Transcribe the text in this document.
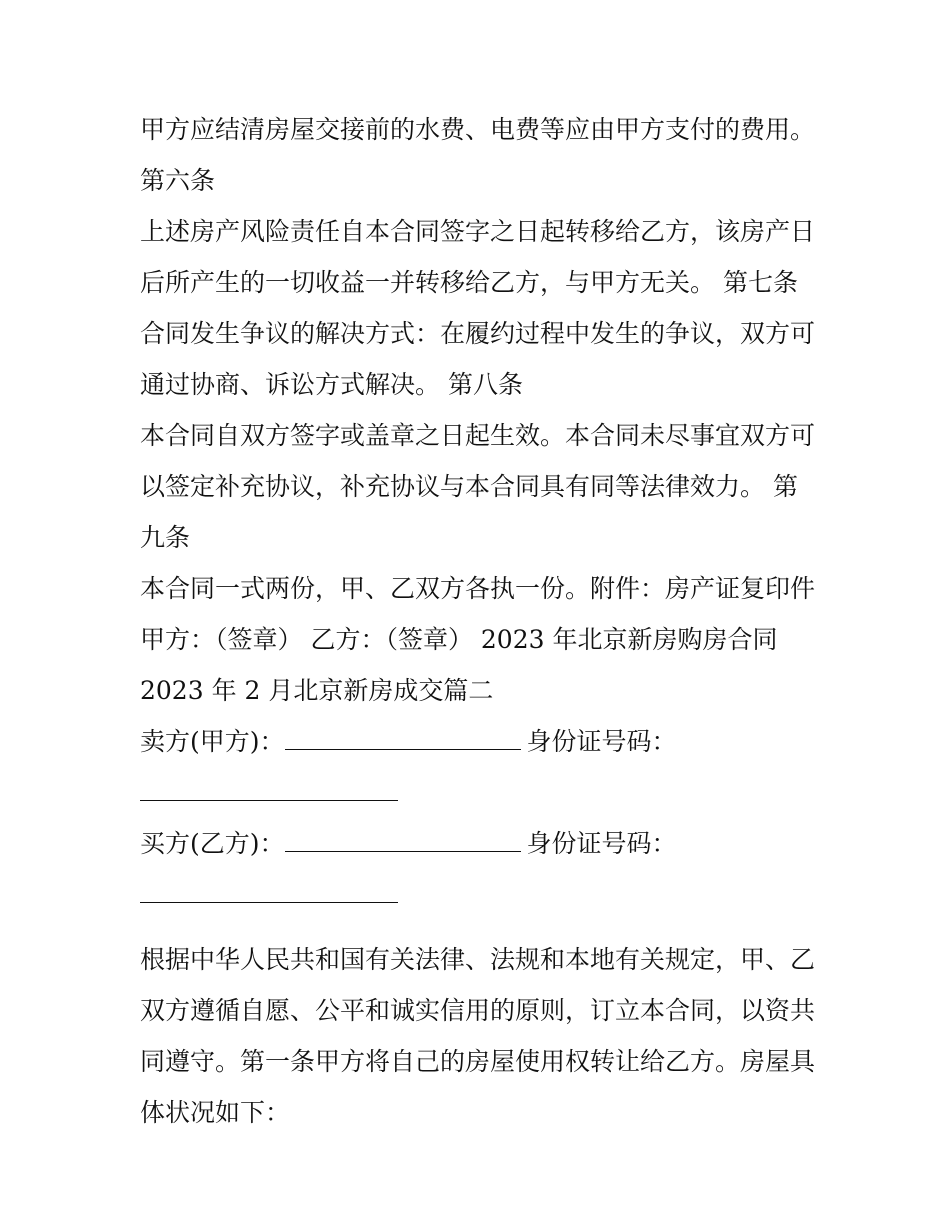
甲方应结清房屋交接前的水费、电费等应由甲方支付的费用。
第六条
上述房产风险责任自本合同签字之日起转移给乙方，该房产日
后所产生的一切收益一并转移给乙方，与甲方无关。 第七条
合同发生争议的解决方式：在履约过程中发生的争议，双方可
通过协商、诉讼方式解决。 第八条
本合同自双方签字或盖章之日起生效。本合同未尽事宜双方可
以签定补充协议，补充协议与本合同具有同等法律效力。 第
九条
本合同一式两份，甲、乙双方各执一份。附件：房产证复印件
甲方：（签章） 乙方：（签章） 2023 年北京新房购房合同
2023 年 2 月北京新房成交篇二
卖方(甲方)：	身份证号码：
买方(乙方)：	身份证号码：
根据中华人民共和国有关法律、法规和本地有关规定，甲、乙
双方遵循自愿、公平和诚实信用的原则，订立本合同，以资共
同遵守。第一条甲方将自己的房屋使用权转让给乙方。房屋具
体状况如下：
